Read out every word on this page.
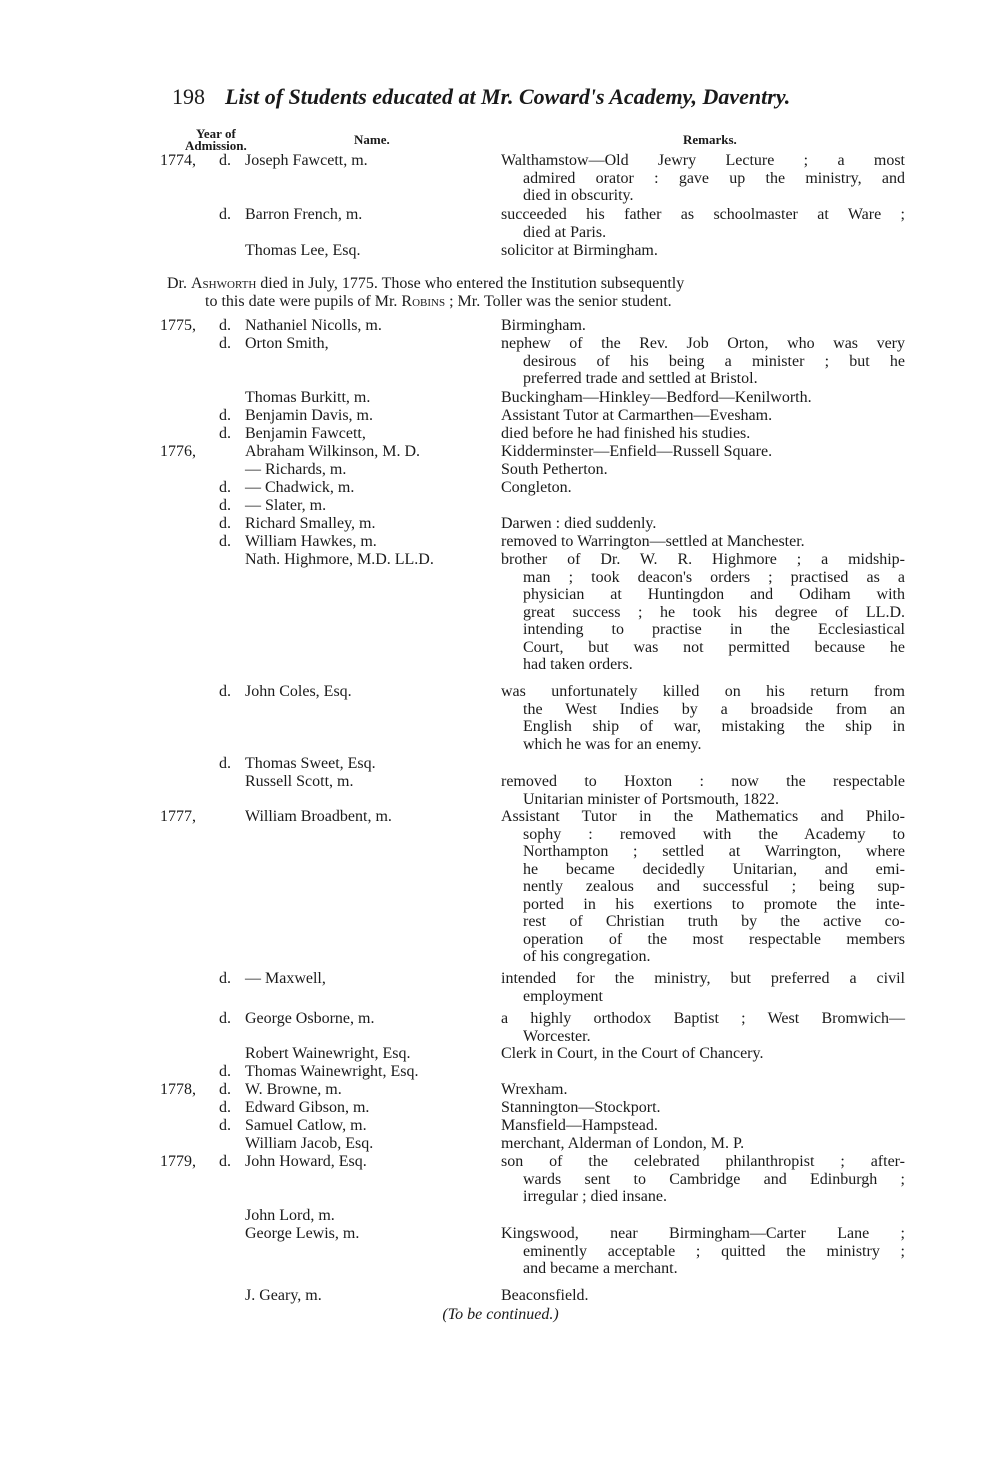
198 List of Students educated at Mr. Coward's Academy, Daventry.
Year of
Admission.	Name.	Remarks.
1774, d. Joseph Fawcett, m.	Walthamstow—Old Jewry Lecture ; a most
admired orator : gave up the ministry, and
died in obscurity.
d. Barron French, m.	succeeded his father as schoolmaster at Ware ;
died at Paris.
Thomas Lee, Esq.	solicitor at Birmingham.
1775, d. Nathaniel Nicolls, m.	Birmingham.
d. Orton Smith,	nephew of the Rev. Job Orton, who was very
desirous of his being a minister ; but he
preferred trade and settled at Bristol.
Thomas Burkitt, m.	Buckingham—Hinkley—Bedford—Kenilworth.
d. Benjamin Davis, m.	Assistant Tutor at Carmarthen—Evesham.
d. Benjamin Fawcett,	died before he had finished his studies.
1776,	Abraham Wilkinson, M. D.	Kidderminster—Enfield—Russell Square.
— Richards, m.	South Petherton.
d. — Chadwick, m.	Congleton.
d. — Slater, m.
d. Richard Smalley, m.	Darwen : died suddenly.
d. William Hawkes, m.	removed to Warrington—settled at Manchester.
Nath. Highmore, M.D. LL.D.	brother of Dr. W. R. Highmore ; a midship-
man ; took deacon's orders ; practised as a
physician at Huntingdon and Odiham with
great success ; he took his degree of LL.D.
intending to practise in the Ecclesiastical
Court, but was not permitted because he
had taken orders.
d. John Coles, Esq.	was unfortunately killed on his return from
the West Indies by a broadside from an
English ship of war, mistaking the ship in
which he was for an enemy.
d. Thomas Sweet, Esq.
Russell Scott, m.	removed to Hoxton : now the respectable
Unitarian minister of Portsmouth, 1822.
1777,	William Broadbent, m.	Assistant Tutor in the Mathematics and Philo-
sophy : removed with the Academy to
Northampton ; settled at Warrington, where
he became decidedly Unitarian, and emi-
nently zealous and successful ; being sup-
ported in his exertions to promote the inte-
rest of Christian truth by the active co-
operation of the most respectable members
of his congregation.
d. — Maxwell,	intended for the ministry, but preferred a civil
employment
d. George Osborne, m.	a highly orthodox Baptist ; West Bromwich—
Worcester.
Robert Wainewright, Esq.	Clerk in Court, in the Court of Chancery.
d. Thomas Wainewright, Esq.
1778, d. W. Browne, m.	Wrexham.
d. Edward Gibson, m.	Stannington—Stockport.
d. Samuel Catlow, m.	Mansfield—Hampstead.
William Jacob, Esq.	merchant, Alderman of London, M. P.
1779, d. John Howard, Esq.	son of the celebrated philanthropist ; after-
wards sent to Cambridge and Edinburgh ;
irregular ; died insane.
John Lord, m.
George Lewis, m.	Kingswood, near Birmingham—Carter Lane ;
eminently acceptable ; quitted the ministry ;
and became a merchant.
J. Geary, m.	Beaconsfield.
Dr. Ashworth died in July, 1775. Those who entered the Institution subsequently
to this date were pupils of Mr. Robins ; Mr. Toller was the senior student.
(To be continued.)
